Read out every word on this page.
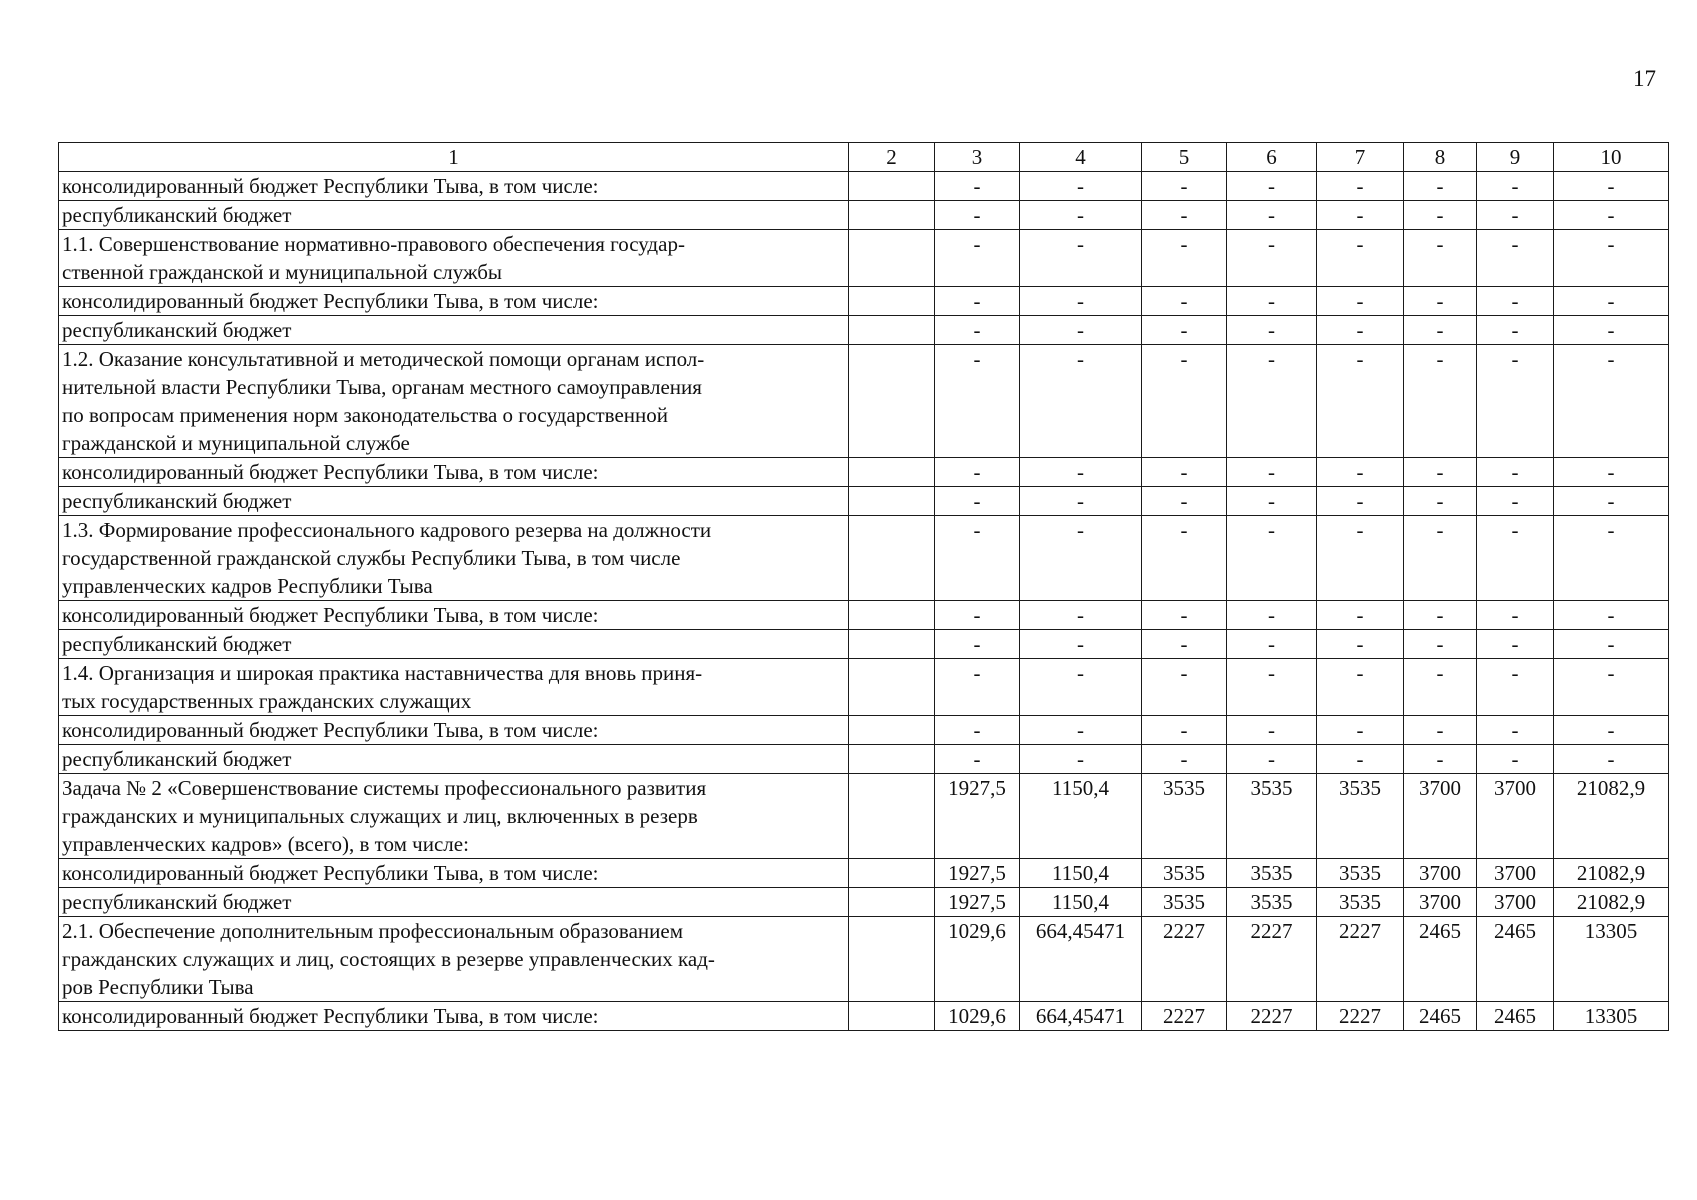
17
1	2	3	4	5	6	7	8	9	10

консолидированный бюджет Республики Тыва, в том числе:		-	-	-	-	-	-	-	-

республиканский бюджет		-	-	-	-	-	-	-	-

1.1. Совершенствование нормативно-правового обеспечения государ-
ственной гражданской и муниципальной службы		-	-	-	-	-	-	-	-

консолидированный бюджет Республики Тыва, в том числе:		-	-	-	-	-	-	-	-

республиканский бюджет		-	-	-	-	-	-	-	-

1.2. Оказание консультативной и методической помощи органам испол-
нительной власти Республики Тыва, органам местного самоуправления
по вопросам применения норм законодательства о государственной
гражданской и муниципальной службе		-	-	-	-	-	-	-	-

консолидированный бюджет Республики Тыва, в том числе:		-	-	-	-	-	-	-	-

республиканский бюджет		-	-	-	-	-	-	-	-

1.3. Формирование профессионального кадрового резерва на должности
государственной гражданской службы Республики Тыва, в том числе
управленческих кадров Республики Тыва		-	-	-	-	-	-	-	-

консолидированный бюджет Республики Тыва, в том числе:		-	-	-	-	-	-	-	-

республиканский бюджет		-	-	-	-	-	-	-	-

1.4. Организация и широкая практика наставничества для вновь приня-
тых государственных гражданских служащих		-	-	-	-	-	-	-	-

консолидированный бюджет Республики Тыва, в том числе:		-	-	-	-	-	-	-	-

республиканский бюджет		-	-	-	-	-	-	-	-

Задача № 2 «Совершенствование системы профессионального развития
гражданских и муниципальных служащих и лиц, включенных в резерв
управленческих кадров» (всего), в том числе:		1927,5	1150,4	3535	3535	3535	3700	3700	21082,9

консолидированный бюджет Республики Тыва, в том числе:		1927,5	1150,4	3535	3535	3535	3700	3700	21082,9

республиканский бюджет		1927,5	1150,4	3535	3535	3535	3700	3700	21082,9

2.1. Обеспечение дополнительным профессиональным образованием
гражданских служащих и лиц, состоящих в резерве управленческих кад-
ров Республики Тыва		1029,6	664,45471	2227	2227	2227	2465	2465	13305

консолидированный бюджет Республики Тыва, в том числе:		1029,6	664,45471	2227	2227	2227	2465	2465	13305
